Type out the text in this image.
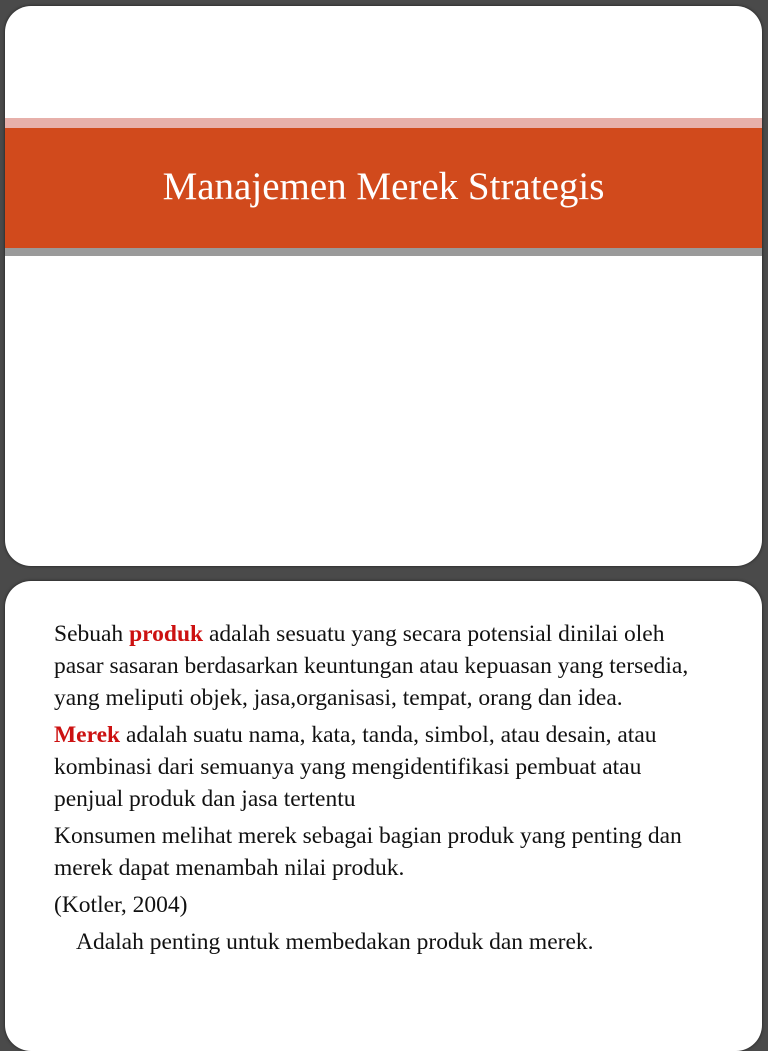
Manajemen Merek Strategis

Sebuah produk adalah sesuatu yang secara potensial dinilai oleh pasar sasaran berdasarkan keuntungan atau kepuasan yang tersedia, yang meliputi objek, jasa,organisasi, tempat, orang dan idea.

Merek adalah suatu nama, kata, tanda, simbol, atau desain, atau kombinasi dari semuanya yang mengidentifikasi pembuat atau penjual produk dan jasa tertentu

Konsumen melihat merek sebagai bagian produk yang penting dan merek dapat menambah nilai produk.

(Kotler, 2004)

Adalah penting untuk membedakan produk dan merek.
